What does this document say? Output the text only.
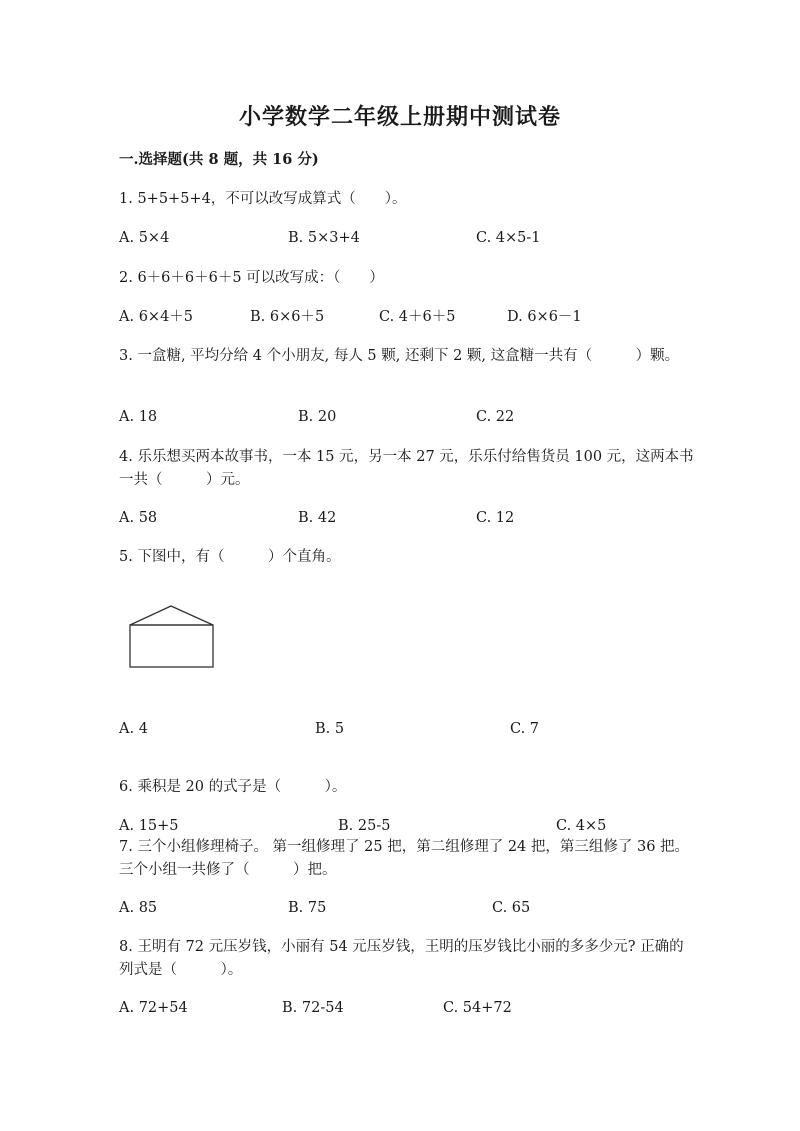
小学数学二年级上册期中测试卷
一.选择题(共 8 题，共 16 分)
1. 5+5+5+4，不可以改写成算式（　　）。
A. 5×4	B. 5×3+4	C. 4×5-1
2. 6＋6＋6＋6＋5 可以改写成：（　　）
A. 6×4＋5	B. 6×6＋5	C. 4＋6＋5	D. 6×6－1
3. 一盒糖, 平均分给 4 个小朋友, 每人 5 颗, 还剩下 2 颗, 这盒糖一共有（　　　）颗。
A. 18	B. 20	C. 22
4. 乐乐想买两本故事书，一本 15 元，另一本 27 元，乐乐付给售货员 100 元，这两本书一共（　　　）元。
A. 58	B. 42	C. 12
5. 下图中，有（　　　）个直角。
A. 4	B. 5	C. 7
6. 乘积是 20 的式子是（　　　）。
A. 15+5	B. 25-5	C. 4×5
7. 三个小组修理椅子。 第一组修理了 25 把，第二组修理了 24 把，第三组修了 36 把。 三个小组一共修了（　　　）把。
A. 85	B. 75	C. 65
8. 王明有 72 元压岁钱，小丽有 54 元压岁钱，王明的压岁钱比小丽的多多少元? 正确的列式是（　　　）。
A. 72+54	B. 72-54	C. 54+72
